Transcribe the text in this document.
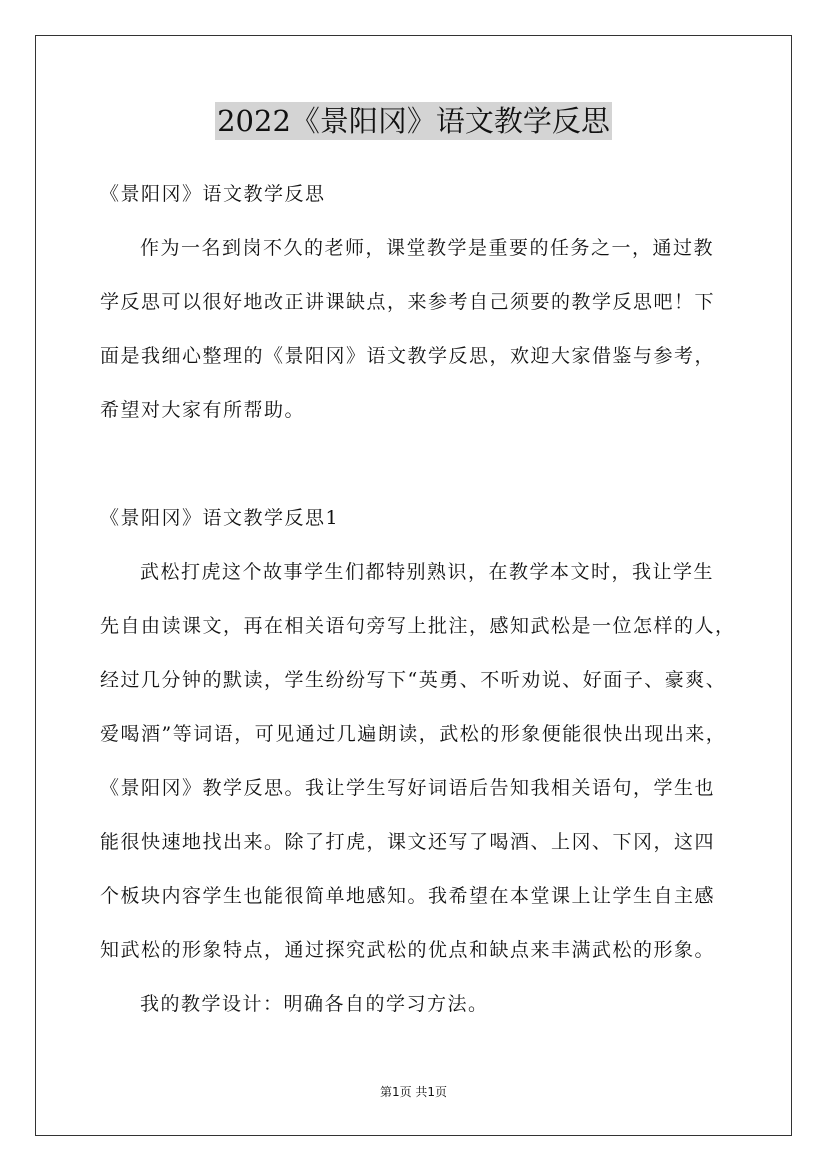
2022《景阳冈》语文教学反思
《景阳冈》语文教学反思
作为一名到岗不久的老师，课堂教学是重要的任务之一，通过教
学反思可以很好地改正讲课缺点，来参考自己须要的教学反思吧！下
面是我细心整理的《景阳冈》语文教学反思，欢迎大家借鉴与参考，
希望对大家有所帮助。
《景阳冈》语文教学反思1
武松打虎这个故事学生们都特别熟识，在教学本文时，我让学生
先自由读课文，再在相关语句旁写上批注，感知武松是一位怎样的人，
经过几分钟的默读，学生纷纷写下“英勇、不听劝说、好面子、豪爽、
爱喝酒”等词语，可见通过几遍朗读，武松的形象便能很快出现出来，
《景阳冈》教学反思。我让学生写好词语后告知我相关语句，学生也
能很快速地找出来。除了打虎，课文还写了喝酒、上冈、下冈，这四
个板块内容学生也能很简单地感知。我希望在本堂课上让学生自主感
知武松的形象特点，通过探究武松的优点和缺点来丰满武松的形象。
我的教学设计：明确各自的学习方法。
第1页 共1页
